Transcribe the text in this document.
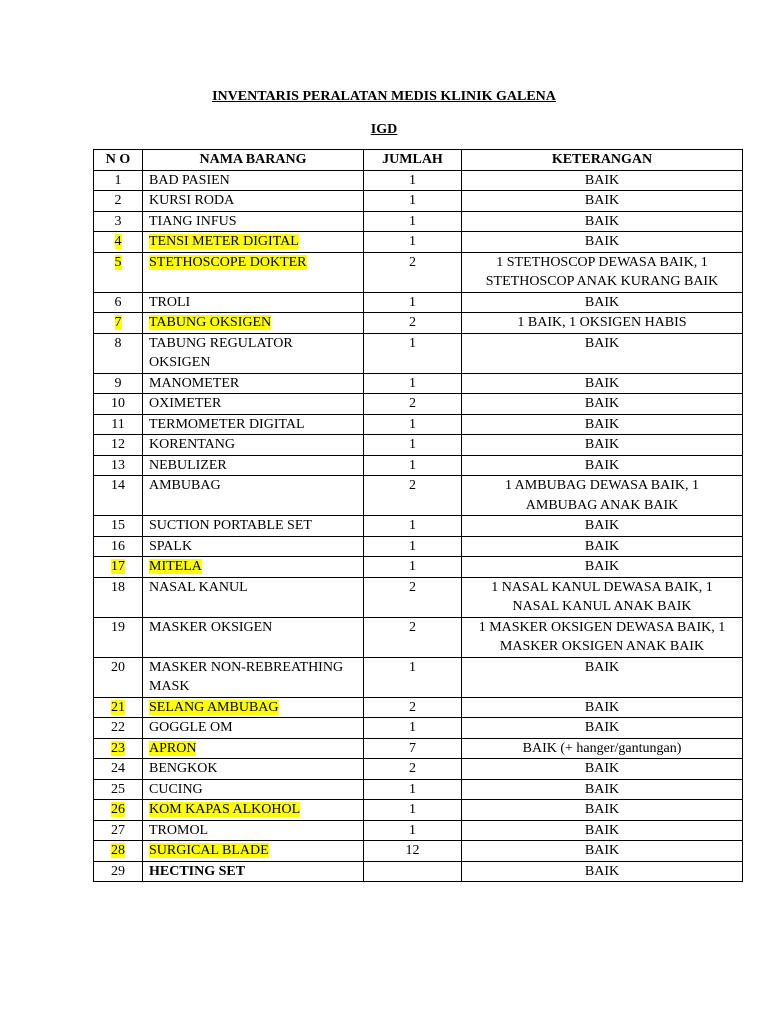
INVENTARIS PERALATAN MEDIS KLINIK GALENA
IGD
N O	NAMA BARANG	JUMLAH	KETERANGAN
1	BAD PASIEN	1	BAIK
2	KURSI RODA	1	BAIK
3	TIANG INFUS	1	BAIK
4	TENSI METER DIGITAL	1	BAIK
5	STETHOSCOPE DOKTER	2	1 STETHOSCOP DEWASA BAIK, 1 STETHOSCOP ANAK KURANG BAIK
6	TROLI	1	BAIK
7	TABUNG OKSIGEN	2	1 BAIK, 1 OKSIGEN HABIS
8	TABUNG REGULATOR OKSIGEN	1	BAIK
9	MANOMETER	1	BAIK
10	OXIMETER	2	BAIK
11	TERMOMETER DIGITAL	1	BAIK
12	KORENTANG	1	BAIK
13	NEBULIZER	1	BAIK
14	AMBUBAG	2	1 AMBUBAG DEWASA BAIK, 1 AMBUBAG ANAK BAIK
15	SUCTION PORTABLE SET	1	BAIK
16	SPALK	1	BAIK
17	MITELA	1	BAIK
18	NASAL KANUL	2	1 NASAL KANUL DEWASA BAIK, 1 NASAL KANUL ANAK BAIK
19	MASKER OKSIGEN	2	1 MASKER OKSIGEN DEWASA BAIK, 1 MASKER OKSIGEN ANAK BAIK
20	MASKER NON-REBREATHING MASK	1	BAIK
21	SELANG AMBUBAG	2	BAIK
22	GOGGLE OM	1	BAIK
23	APRON	7	BAIK (+ hanger/gantungan)
24	BENGKOK	2	BAIK
25	CUCING	1	BAIK
26	KOM KAPAS ALKOHOL	1	BAIK
27	TROMOL	1	BAIK
28	SURGICAL BLADE	12	BAIK
29	HECTING SET		BAIK
